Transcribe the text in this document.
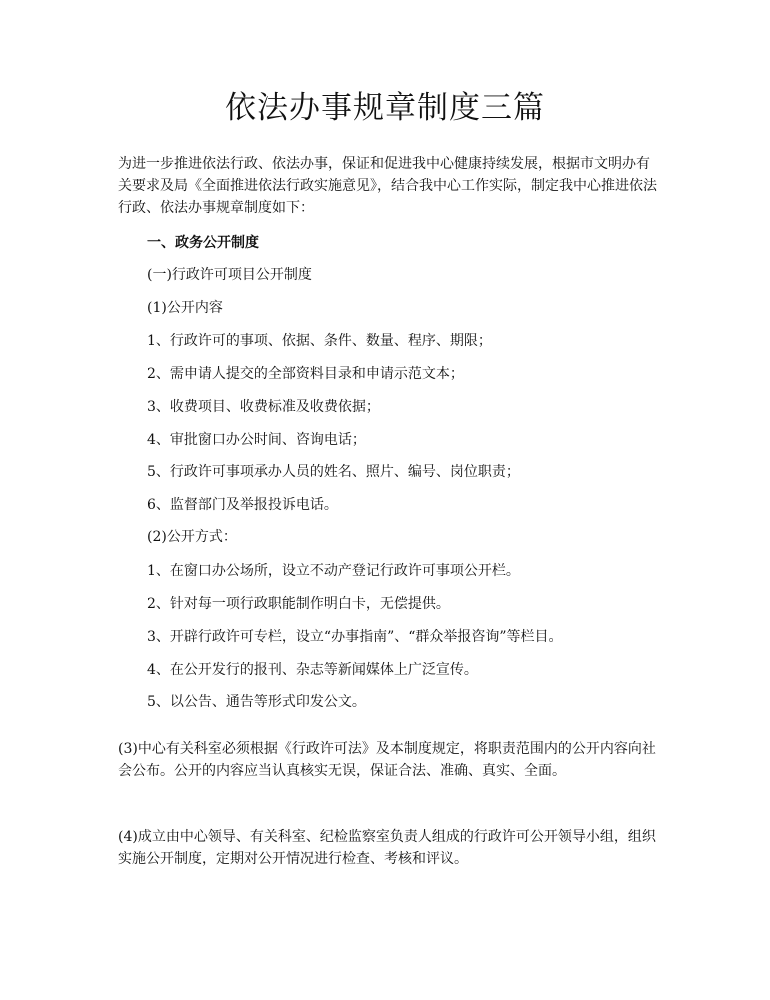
依法办事规章制度三篇

为进一步推进依法行政、依法办事，保证和促进我中心健康持续发展，根据市文明办有关要求及局《全面推进依法行政实施意见》，结合我中心工作实际，制定我中心推进依法行政、依法办事规章制度如下：

一、政务公开制度

(一)行政许可项目公开制度

(1)公开内容

1、行政许可的事项、依据、条件、数量、程序、期限；

2、需申请人提交的全部资料目录和申请示范文本；

3、收费项目、收费标准及收费依据；

4、审批窗口办公时间、咨询电话；

5、行政许可事项承办人员的姓名、照片、编号、岗位职责；

6、监督部门及举报投诉电话。

(2)公开方式：

1、在窗口办公场所，设立不动产登记行政许可事项公开栏。

2、针对每一项行政职能制作明白卡，无偿提供。

3、开辟行政许可专栏，设立“办事指南”、“群众举报咨询”等栏目。

4、在公开发行的报刊、杂志等新闻媒体上广泛宣传。

5、以公告、通告等形式印发公文。

(3)中心有关科室必须根据《行政许可法》及本制度规定，将职责范围内的公开内容向社会公布。公开的内容应当认真核实无误，保证合法、准确、真实、全面。

(4)成立由中心领导、有关科室、纪检监察室负责人组成的行政许可公开领导小组，组织实施公开制度，定期对公开情况进行检查、考核和评议。
